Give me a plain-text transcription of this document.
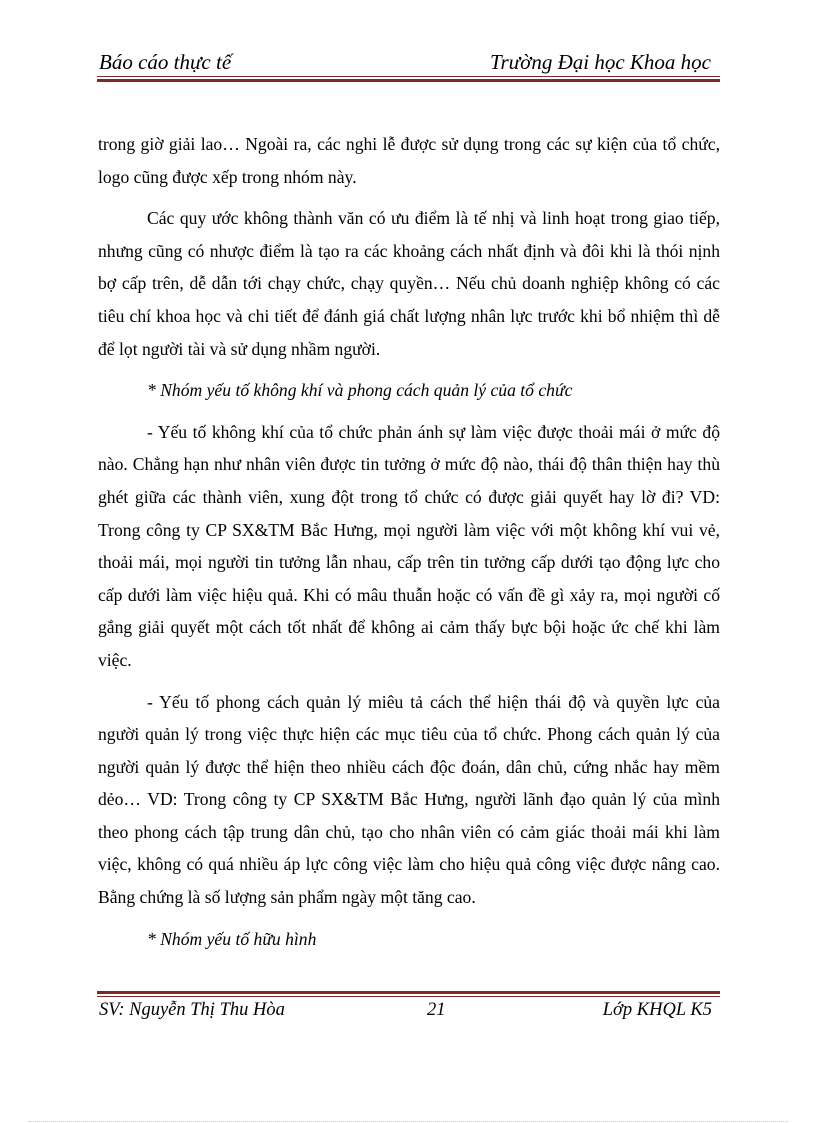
Báo cáo thực tế	Trường Đại học Khoa học

trong giờ giải lao… Ngoài ra, các nghi lễ được sử dụng trong các sự kiện của tổ chức, logo cũng được xếp trong nhóm này.

Các quy ước không thành văn có ưu điểm là tế nhị và linh hoạt trong giao tiếp, nhưng cũng có nhược điểm là tạo ra các khoảng cách nhất định và đôi khi là thói nịnh bợ cấp trên, dễ dẫn tới chạy chức, chạy quyền… Nếu chủ doanh nghiệp không có các tiêu chí khoa học và chi tiết để đánh giá chất lượng nhân lực trước khi bổ nhiệm thì dễ để lọt người tài và sử dụng nhầm người.

* Nhóm yếu tố không khí và phong cách quản lý của tổ chức

- Yếu tố không khí của tổ chức phản ánh sự làm việc được thoải mái ở mức độ nào. Chẳng hạn như nhân viên được tin tưởng ở mức độ nào, thái độ thân thiện hay thù ghét giữa các thành viên, xung đột trong tổ chức có được giải quyết hay lờ đi? VD: Trong công ty CP SX&TM Bắc Hưng, mọi người làm việc với một không khí vui vẻ, thoải mái, mọi người tin tưởng lẫn nhau, cấp trên tin tưởng cấp dưới tạo động lực cho cấp dưới làm việc hiệu quả. Khi có mâu thuẫn hoặc có vấn đề gì xảy ra, mọi người cố gắng giải quyết một cách tốt nhất để không ai cảm thấy bực bội hoặc ức chế khi làm việc.

- Yếu tố phong cách quản lý miêu tả cách thể hiện thái độ và quyền lực của người quản lý trong việc thực hiện các mục tiêu của tổ chức. Phong cách quản lý của người quản lý được thể hiện theo nhiều cách độc đoán, dân chủ, cứng nhắc hay mềm dẻo… VD: Trong công ty CP SX&TM Bắc Hưng, người lãnh đạo quản lý của mình theo phong cách tập trung dân chủ, tạo cho nhân viên có cảm giác thoải mái khi làm việc, không có quá nhiều áp lực công việc làm cho hiệu quả công việc được nâng cao. Bằng chứng là số lượng sản phẩm ngày một tăng cao.

* Nhóm yếu tố hữu hình

SV: Nguyễn Thị Thu Hòa	21	Lớp KHQL K5
